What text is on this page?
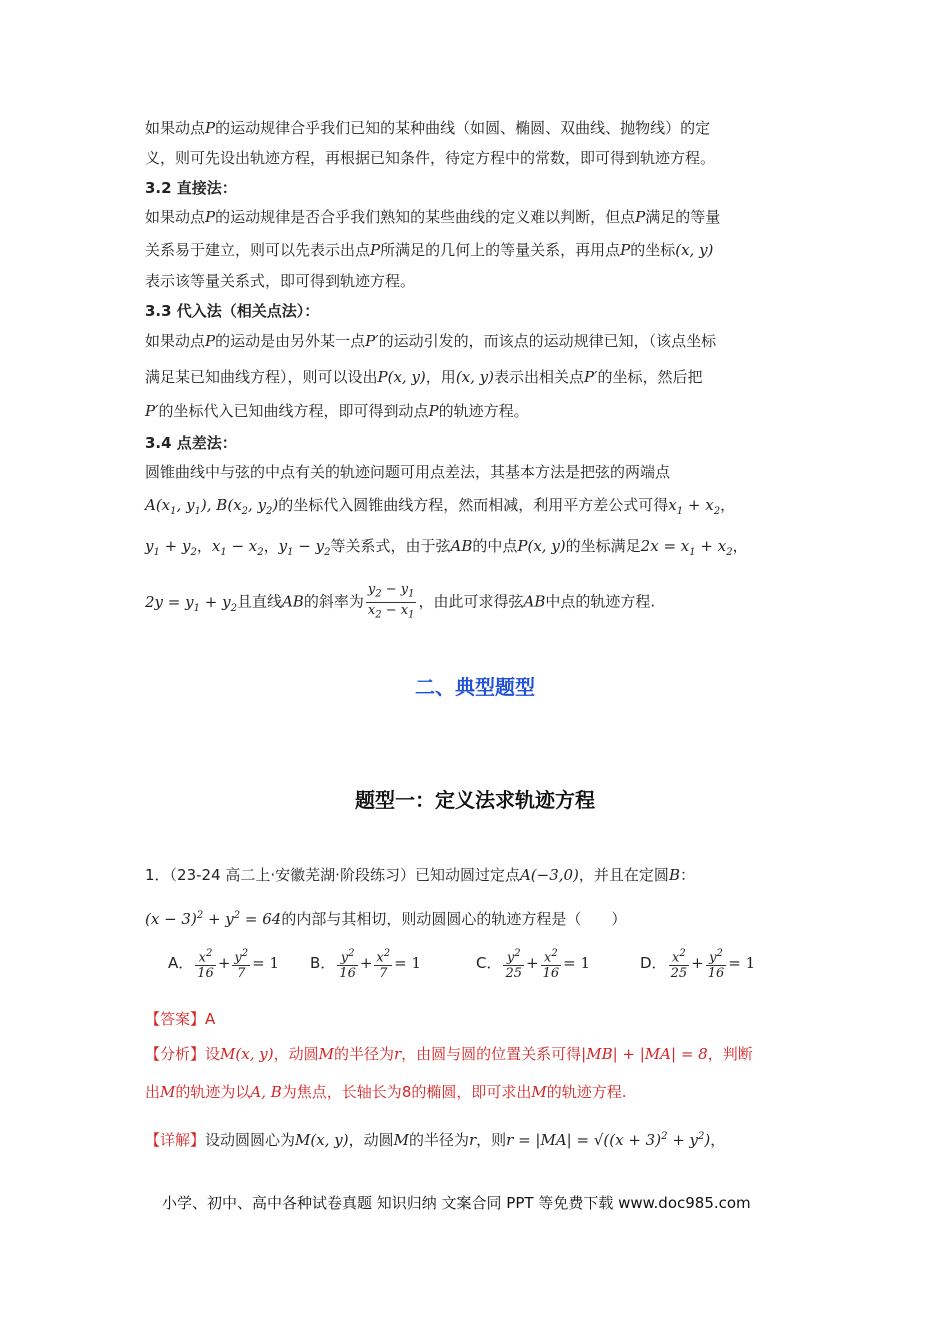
如果动点P的运动规律合乎我们已知的某种曲线（如圆、椭圆、双曲线、抛物线）的定
义，则可先设出轨迹方程，再根据已知条件，待定方程中的常数，即可得到轨迹方程。
3.2 直接法：
如果动点P的运动规律是否合乎我们熟知的某些曲线的定义难以判断，但点P满足的等量
关系易于建立，则可以先表示出点P所满足的几何上的等量关系，再用点P的坐标(x, y)
表示该等量关系式，即可得到轨迹方程。
3.3 代入法（相关点法）：
如果动点P的运动是由另外某一点P′的运动引发的，而该点的运动规律已知，（该点坐标
满足某已知曲线方程），则可以设出P(x, y)，用(x, y)表示出相关点P′的坐标，然后把
P′的坐标代入已知曲线方程，即可得到动点P的轨迹方程。
3.4 点差法：
圆锥曲线中与弦的中点有关的轨迹问题可用点差法，其基本方法是把弦的两端点
$A(x_1$, $y_1$), $B(x_2$, $y_2$)的坐标代入圆锥曲线方程，然而相减，利用平方差公式可得$x_1 + x_2$，
$y_1 + y_2$，$x_1 - x_2$，$y_1 - y_2$等关系式，由于弦AB的中点P(x, y)的坐标满足$2x = x_1 + x_2$，
$2y = y_1 + y_2$且直线AB的斜率为 $\frac{y_2 - y_1}{x_2 - x_1}$ ，由此可求得弦AB中点的轨迹方程.
二、典型题型
题型一：定义法求轨迹方程
1．（23-24 高二上·安徽芜湖·阶段练习）已知动圆过定点A(−3,0)，并且在定圆B：
$(x - 3)^2 + y^2 = 64$的内部与其相切，则动圆圆心的轨迹方程是（　　）
A． $\frac{x^2}{16} + \frac{y^2}{7} = 1$ B． $\frac{y^2}{16} + \frac{x^2}{7} = 1$	C． $\frac{y^2}{25} + \frac{x^2}{16} = 1$	D． $\frac{x^2}{25} + \frac{y^2}{16} = 1$
【答案】A
【分析】设M(x, y)，动圆M的半径为r，由圆与圆的位置关系可得|MB| + |MA| = 8，判断
出M的轨迹为以A, B为焦点，长轴长为8的椭圆，即可求出M的轨迹方程.
【详解】设动圆圆心为M(x, y)，动圆M的半径为r，则$r = |MA| = √((x + 3)^2 + y^2)$，
小学、初中、高中各种试卷真题 知识归纳 文案合同 PPT 等免费下载 www.doc985.com
